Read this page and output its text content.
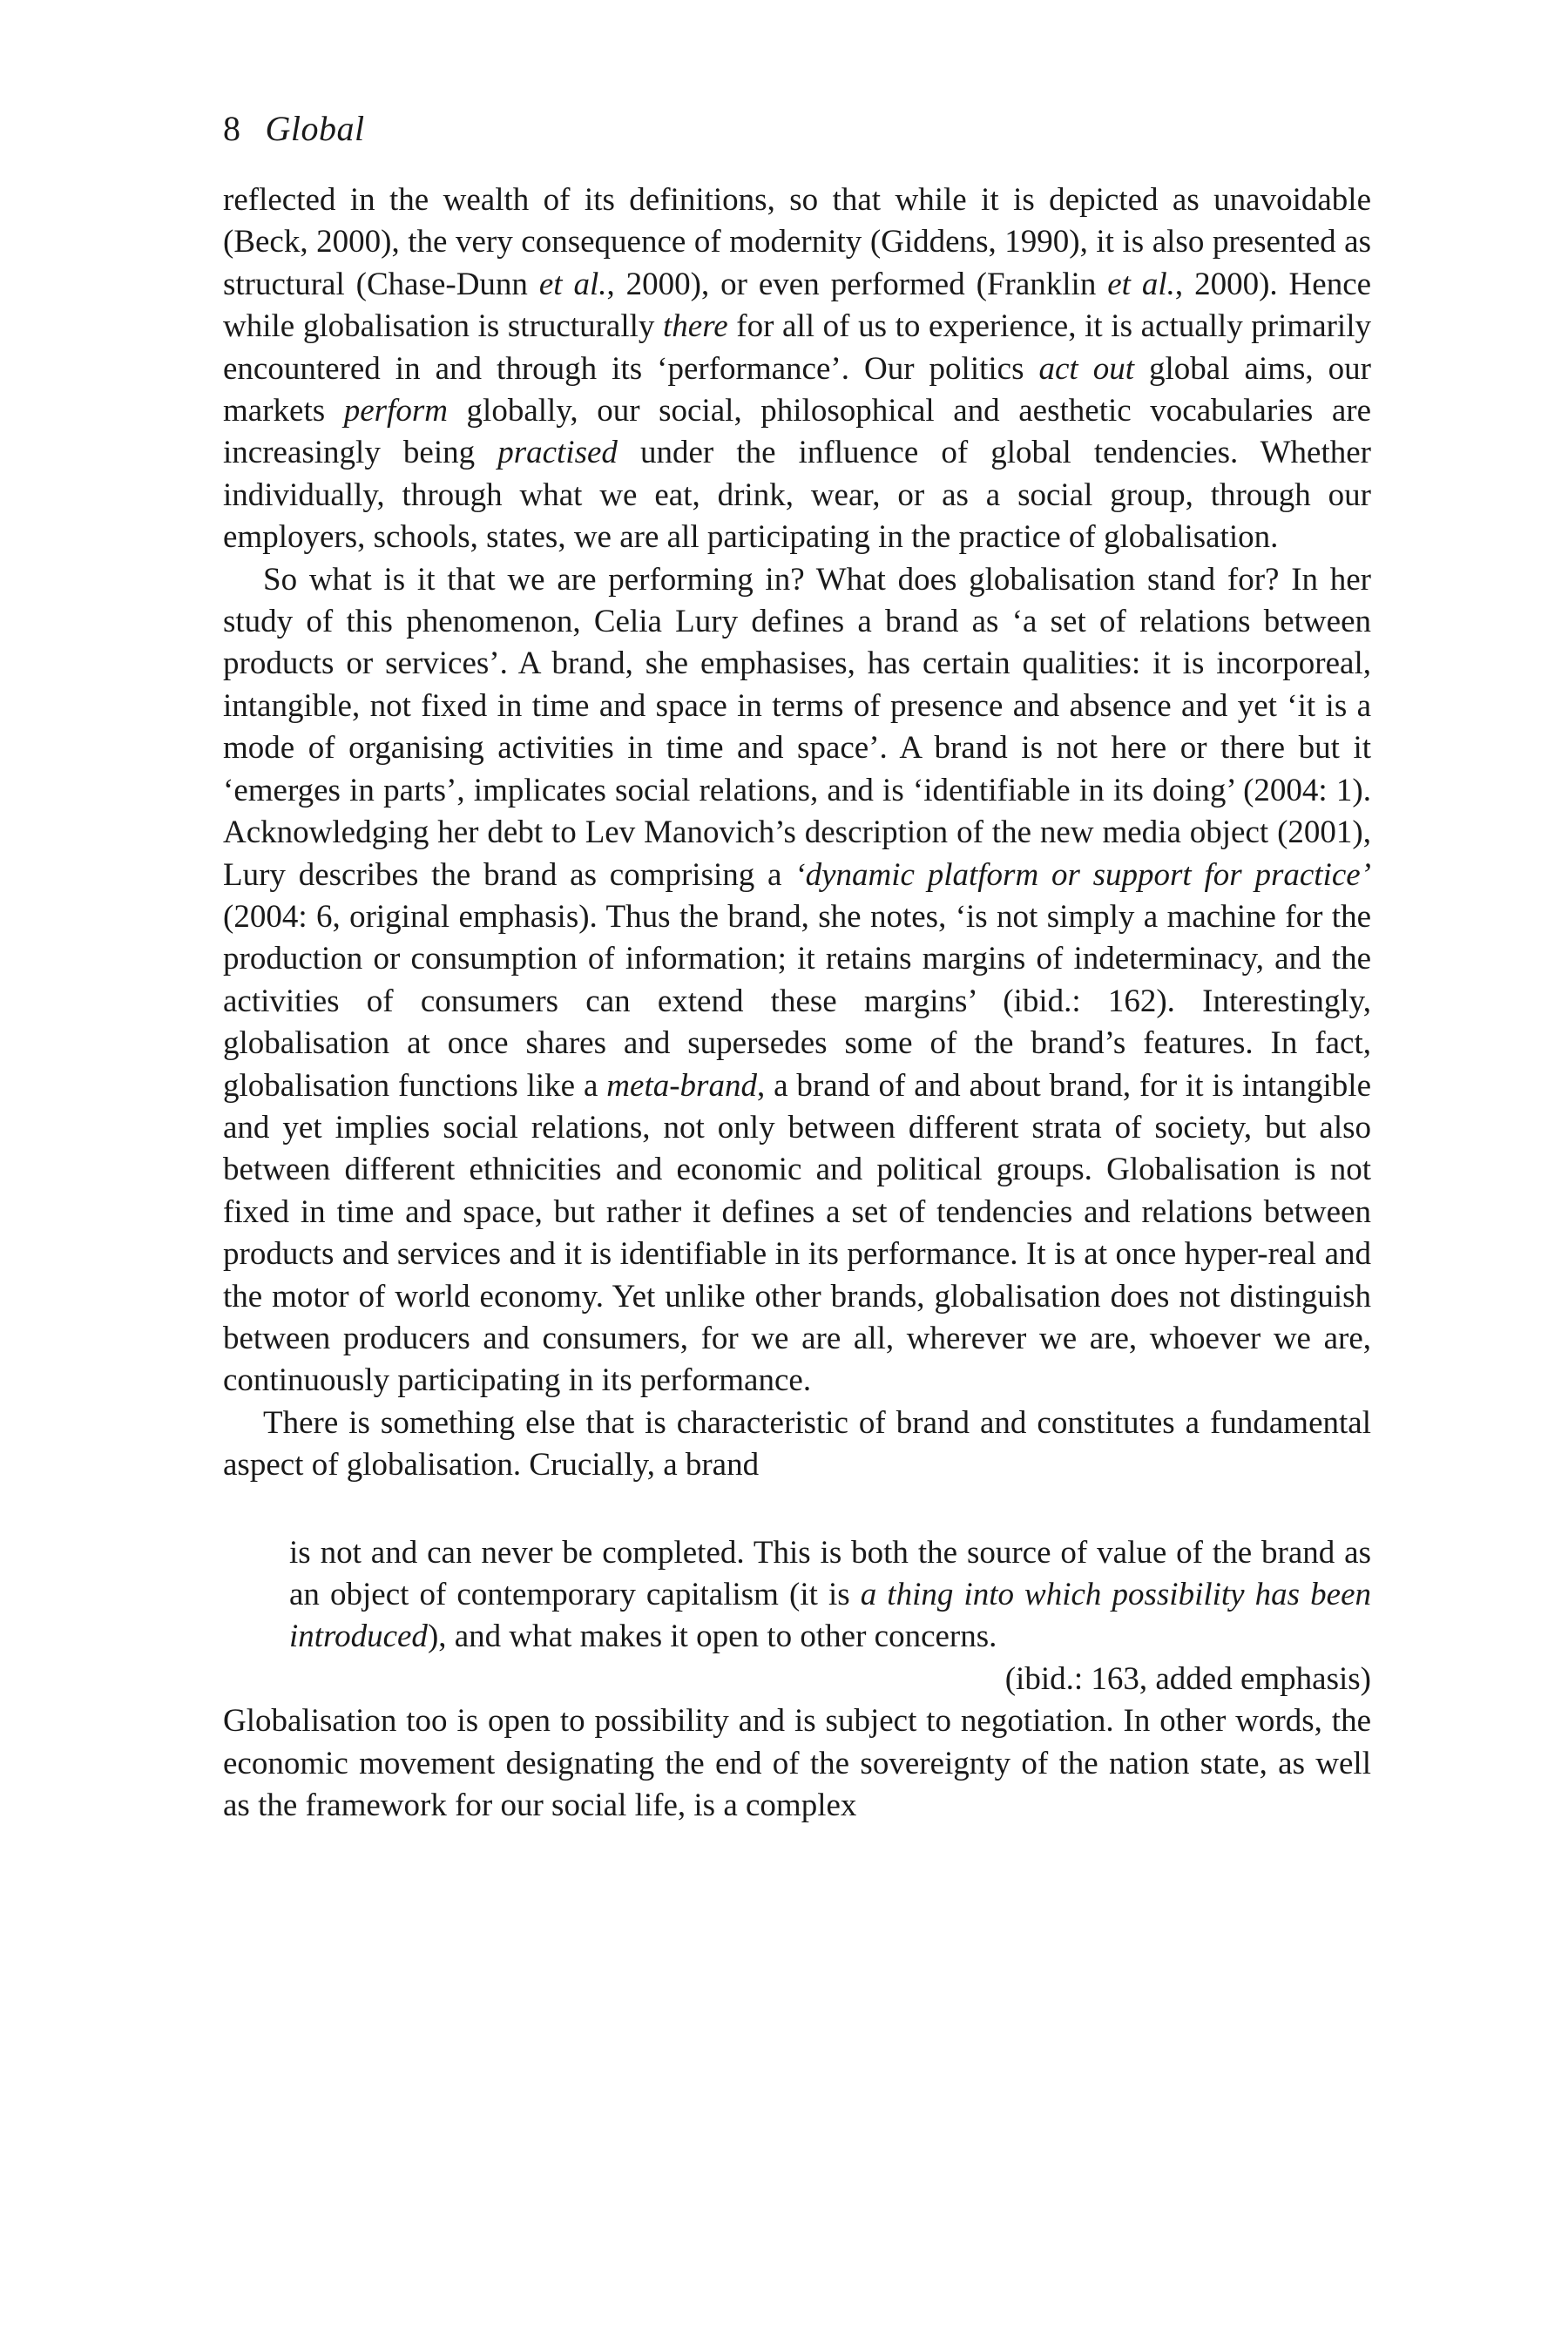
8 Global

reflected in the wealth of its definitions, so that while it is depicted as unavoidable (Beck, 2000), the very consequence of modernity (Giddens, 1990), it is also presented as structural (Chase-Dunn et al., 2000), or even performed (Franklin et al., 2000). Hence while globalisation is structurally there for all of us to experience, it is actually primarily encountered in and through its ‘performance’. Our politics act out global aims, our markets perform globally, our social, philosophical and aesthetic vocabularies are increasingly being practised under the influence of global tendencies. Whether individually, through what we eat, drink, wear, or as a social group, through our employers, schools, states, we are all participating in the practice of globalisation.

So what is it that we are performing in? What does globalisation stand for? In her study of this phenomenon, Celia Lury defines a brand as ‘a set of relations between products or services’. A brand, she emphasises, has certain qualities: it is incorporeal, intangible, not fixed in time and space in terms of presence and absence and yet ‘it is a mode of organising activities in time and space’. A brand is not here or there but it ‘emerges in parts’, implicates social relations, and is ‘identifiable in its doing’ (2004: 1). Acknowledging her debt to Lev Manovich’s description of the new media object (2001), Lury describes the brand as comprising a ‘dynamic platform or support for practice’ (2004: 6, original emphasis). Thus the brand, she notes, ‘is not simply a machine for the production or consumption of information; it retains margins of indeterminacy, and the activities of consumers can extend these margins’ (ibid.: 162). Interestingly, globalisation at once shares and supersedes some of the brand’s features. In fact, globalisation functions like a meta-brand, a brand of and about brand, for it is intangible and yet implies social relations, not only between different strata of society, but also between different ethnicities and economic and political groups. Globalisation is not fixed in time and space, but rather it defines a set of tendencies and relations between products and services and it is identifiable in its performance. It is at once hyper-real and the motor of world economy. Yet unlike other brands, globalisation does not distinguish between producers and consumers, for we are all, wherever we are, whoever we are, continuously participating in its performance.

There is something else that is characteristic of brand and constitutes a fundamental aspect of globalisation. Crucially, a brand

is not and can never be completed. This is both the source of value of the brand as an object of contemporary capitalism (it is a thing into which possibility has been introduced), and what makes it open to other concerns.

(ibid.: 163, added emphasis)

Globalisation too is open to possibility and is subject to negotiation. In other words, the economic movement designating the end of the sovereignty of the nation state, as well as the framework for our social life, is a complex
